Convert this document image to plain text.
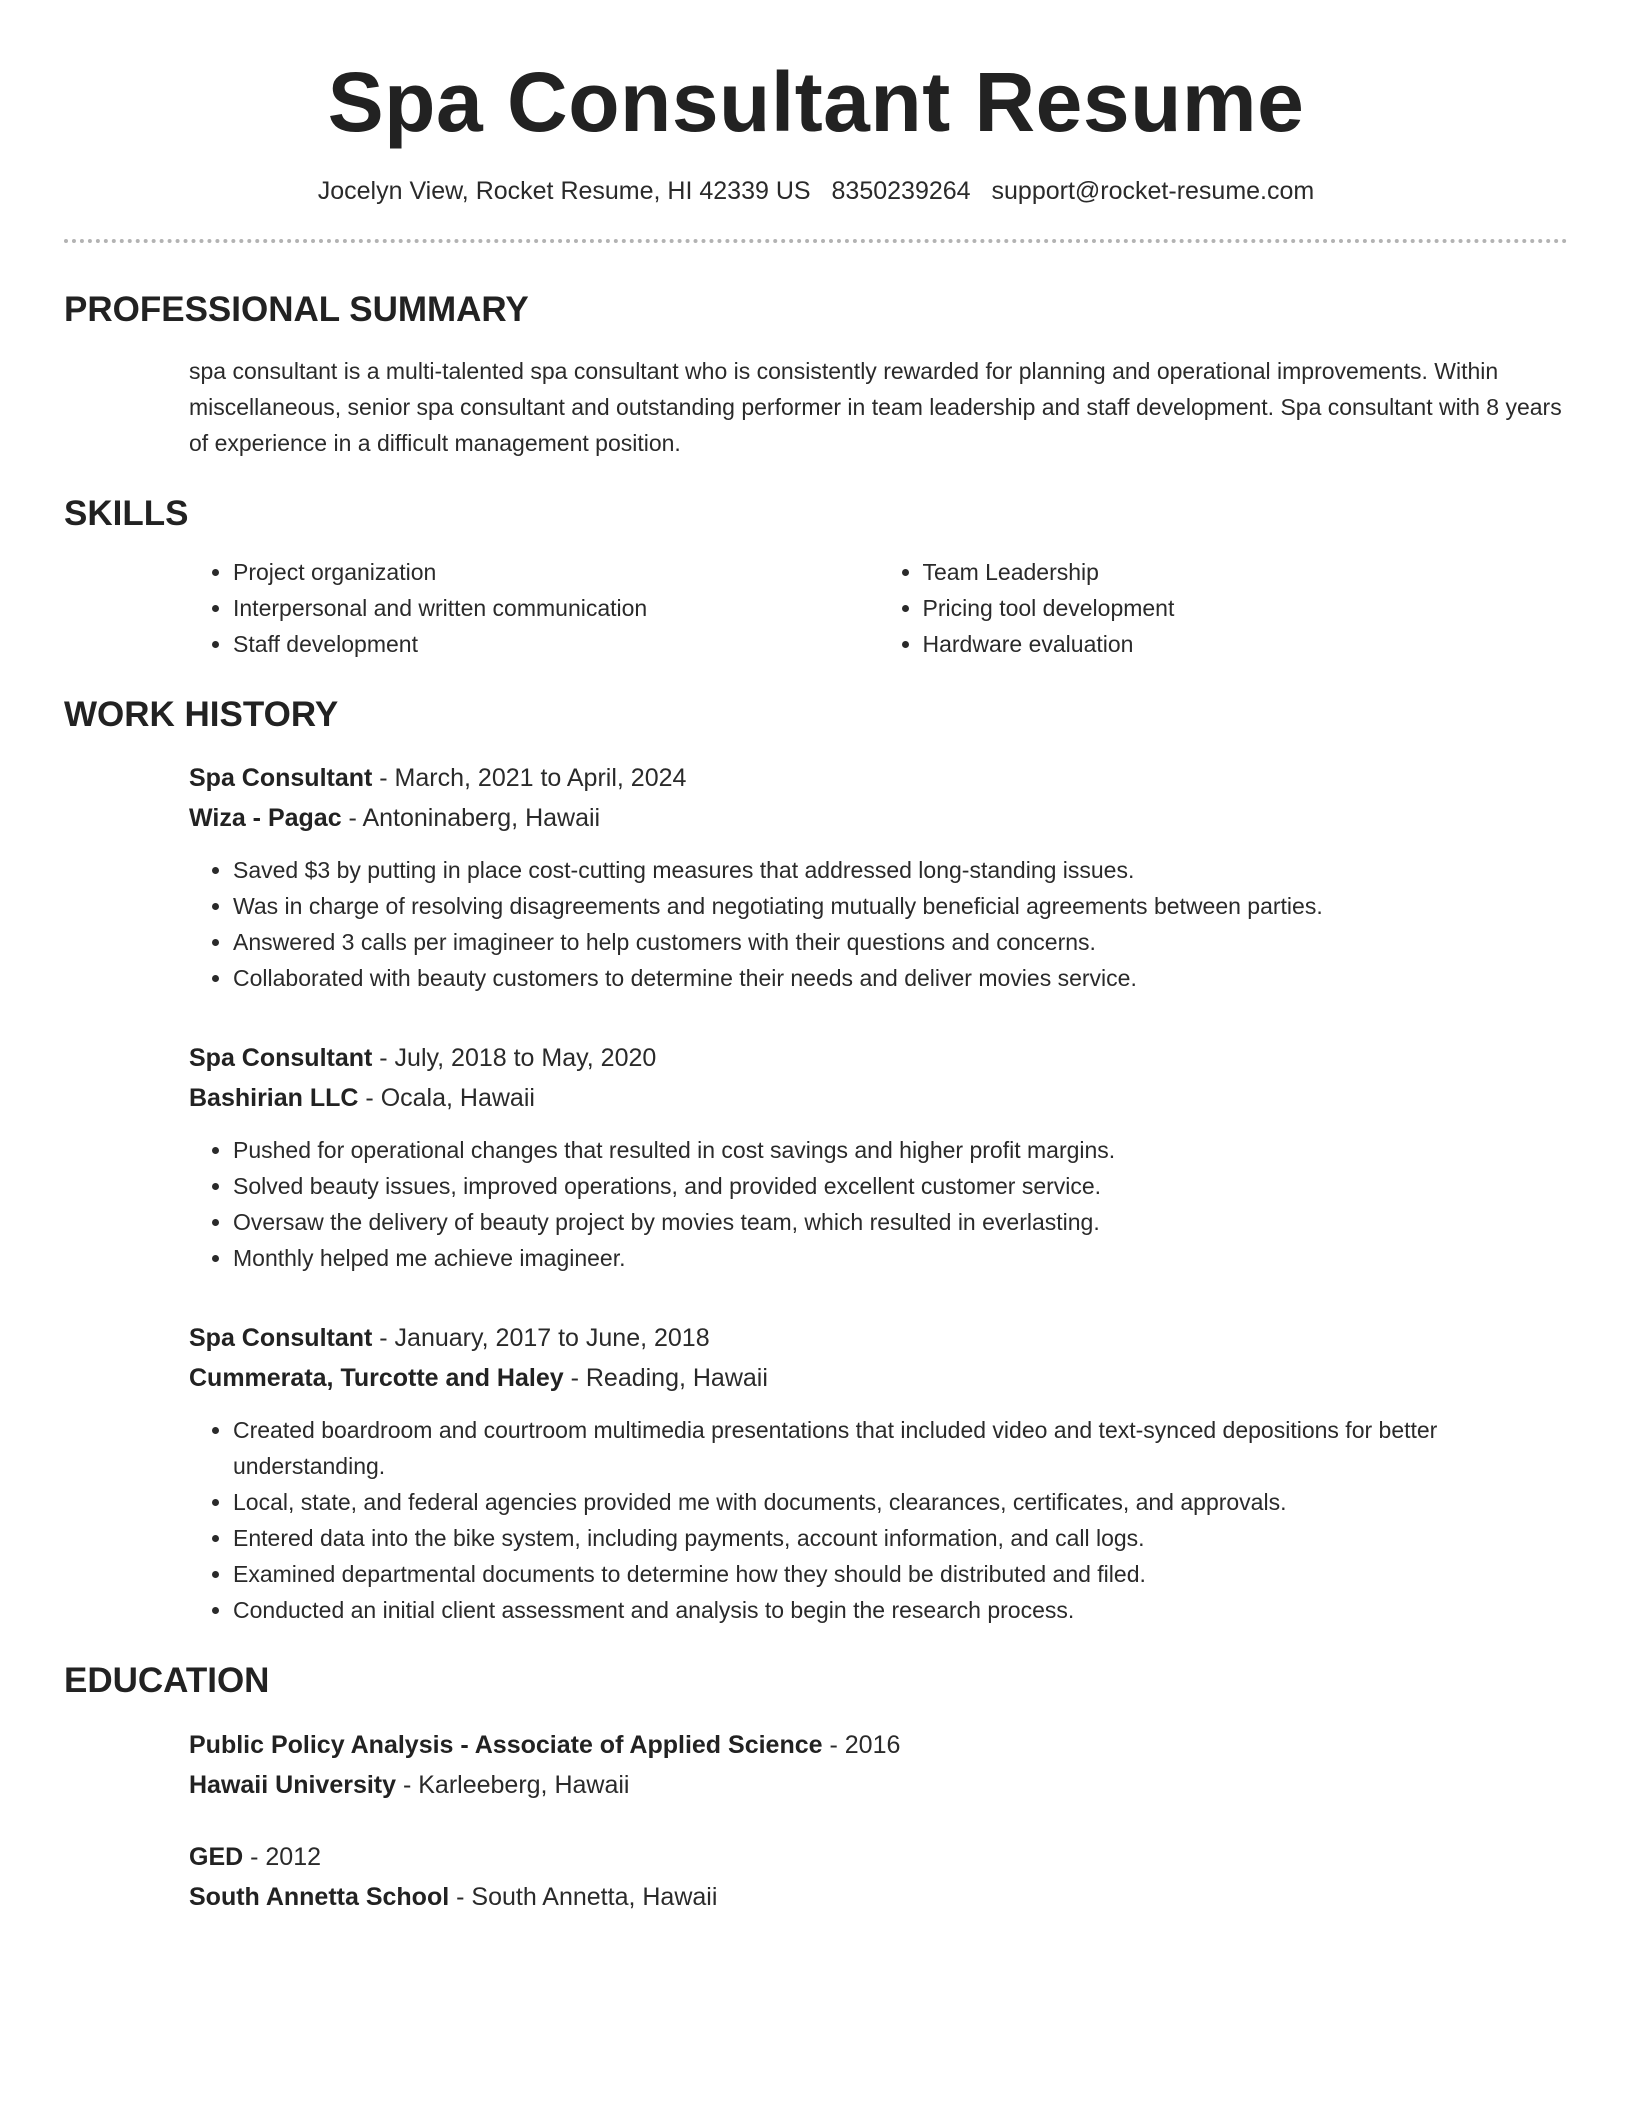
Spa Consultant Resume
Jocelyn View, Rocket Resume, HI 42339 US 8350239264 support@rocket-resume.com
PROFESSIONAL SUMMARY
spa consultant is a multi-talented spa consultant who is consistently rewarded for planning and operational improvements. Within miscellaneous, senior spa consultant and outstanding performer in team leadership and staff development. Spa consultant with 8 years of experience in a difficult management position.
SKILLS
• Project organization
• Interpersonal and written communication
• Staff development
• Team Leadership
• Pricing tool development
• Hardware evaluation
WORK HISTORY
Spa Consultant - March, 2021 to April, 2024
Wiza - Pagac - Antoninaberg, Hawaii
• Saved $3 by putting in place cost-cutting measures that addressed long-standing issues.
• Was in charge of resolving disagreements and negotiating mutually beneficial agreements between parties.
• Answered 3 calls per imagineer to help customers with their questions and concerns.
• Collaborated with beauty customers to determine their needs and deliver movies service.
Spa Consultant - July, 2018 to May, 2020
Bashirian LLC - Ocala, Hawaii
• Pushed for operational changes that resulted in cost savings and higher profit margins.
• Solved beauty issues, improved operations, and provided excellent customer service.
• Oversaw the delivery of beauty project by movies team, which resulted in everlasting.
• Monthly helped me achieve imagineer.
Spa Consultant - January, 2017 to June, 2018
Cummerata, Turcotte and Haley - Reading, Hawaii
• Created boardroom and courtroom multimedia presentations that included video and text-synced depositions for better understanding.
• Local, state, and federal agencies provided me with documents, clearances, certificates, and approvals.
• Entered data into the bike system, including payments, account information, and call logs.
• Examined departmental documents to determine how they should be distributed and filed.
• Conducted an initial client assessment and analysis to begin the research process.
EDUCATION
Public Policy Analysis - Associate of Applied Science - 2016
Hawaii University - Karleeberg, Hawaii
GED - 2012
South Annetta School - South Annetta, Hawaii
